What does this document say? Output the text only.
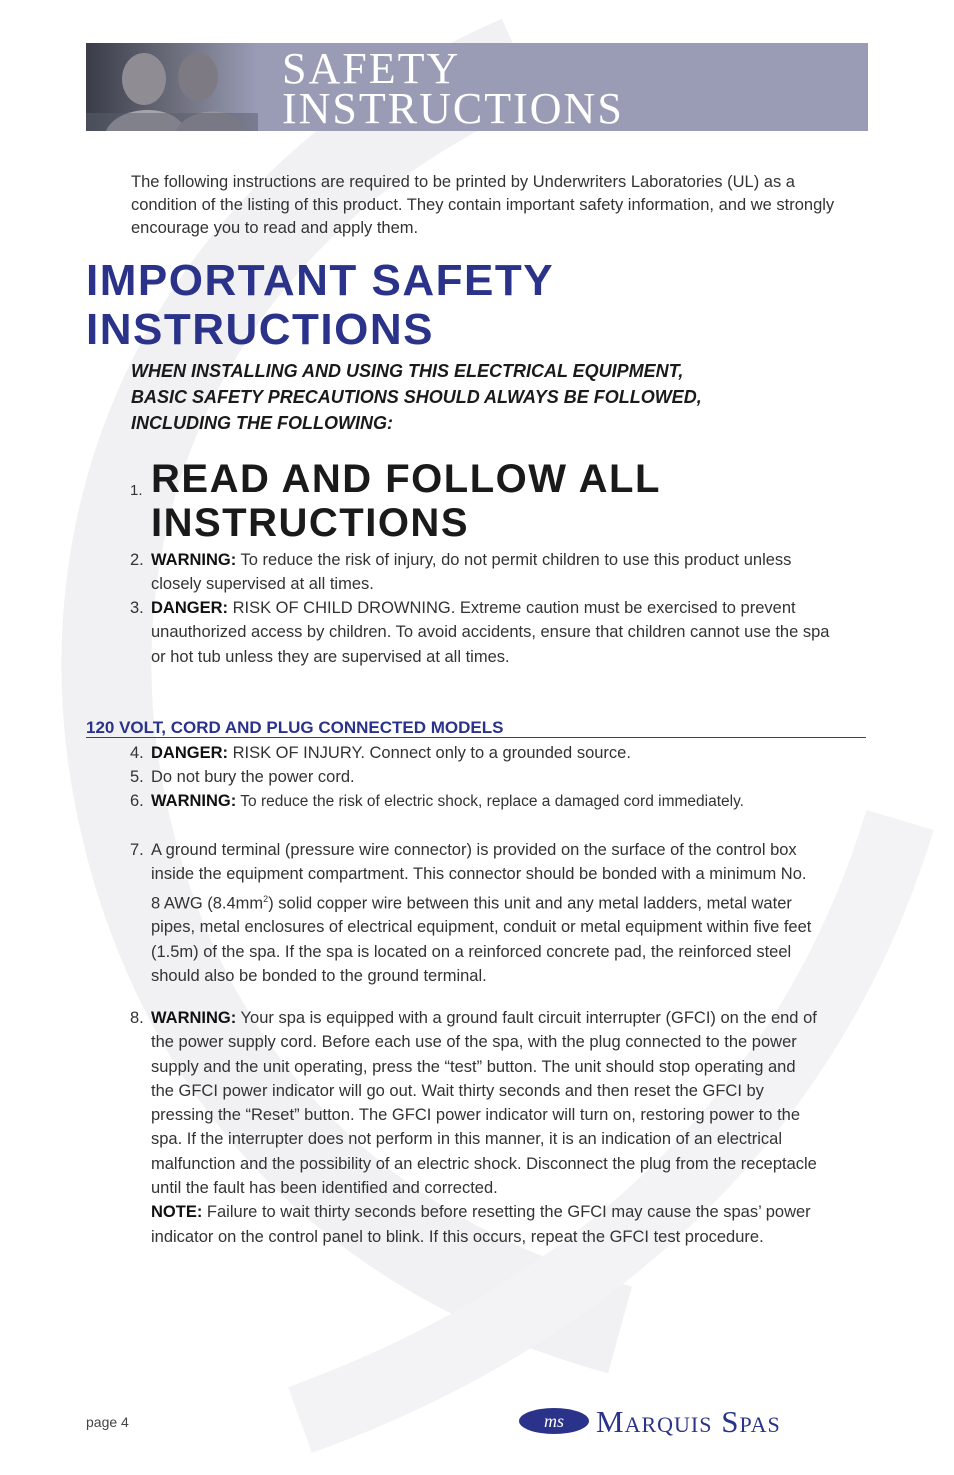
SAFETY
INSTRUCTIONS
The following instructions are required to be printed by Underwriters Laboratories (UL) as a condition of the listing of this product. They contain important safety information, and we strongly encourage you to read and apply them.
IMPORTANT SAFETY
INSTRUCTIONS
WHEN INSTALLING AND USING THIS ELECTRICAL EQUIPMENT,
BASIC SAFETY PRECAUTIONS SHOULD ALWAYS BE FOLLOWED,
INCLUDING THE FOLLOWING:
1. READ AND FOLLOW ALL INSTRUCTIONS
2. WARNING: To reduce the risk of injury, do not permit children to use this product unless closely supervised at all times.
3. DANGER: RISK OF CHILD DROWNING. Extreme caution must be exercised to prevent unauthorized access by children. To avoid accidents, ensure that children cannot use the spa or hot tub unless they are supervised at all times.
120 VOLT, CORD AND PLUG CONNECTED MODELS
4. DANGER: RISK OF INJURY. Connect only to a grounded source.
5. Do not bury the power cord.
6. WARNING: To reduce the risk of electric shock, replace a damaged cord immediately.
7. A ground terminal (pressure wire connector) is provided on the surface of the control box inside the equipment compartment. This connector should be bonded with a minimum No. 8 AWG $(8.4mm^2)$ solid copper wire between this unit and any metal ladders, metal water pipes, metal enclosures of electrical equipment, conduit or metal equipment within five feet (1.5m) of the spa. If the spa is located on a reinforced concrete pad, the reinforced steel should also be bonded to the ground terminal.
8. WARNING: Your spa is equipped with a ground fault circuit interrupter (GFCI) on the end of the power supply cord. Before each use of the spa, with the plug connected to the power supply and the unit operating, press the “test” button. The unit should stop operating and the GFCI power indicator will go out. Wait thirty seconds and then reset the GFCI by pressing the “Reset” button. The GFCI power indicator will turn on, restoring power to the spa. If the interrupter does not perform in this manner, it is an indication of an electrical malfunction and the possibility of an electric shock. Disconnect the plug from the receptacle until the fault has been identified and corrected.
NOTE: Failure to wait thirty seconds before resetting the GFCI may cause the spas’ power indicator on the control panel to blink. If this occurs, repeat the GFCI test procedure.
page 4	ms Marquis Spas
